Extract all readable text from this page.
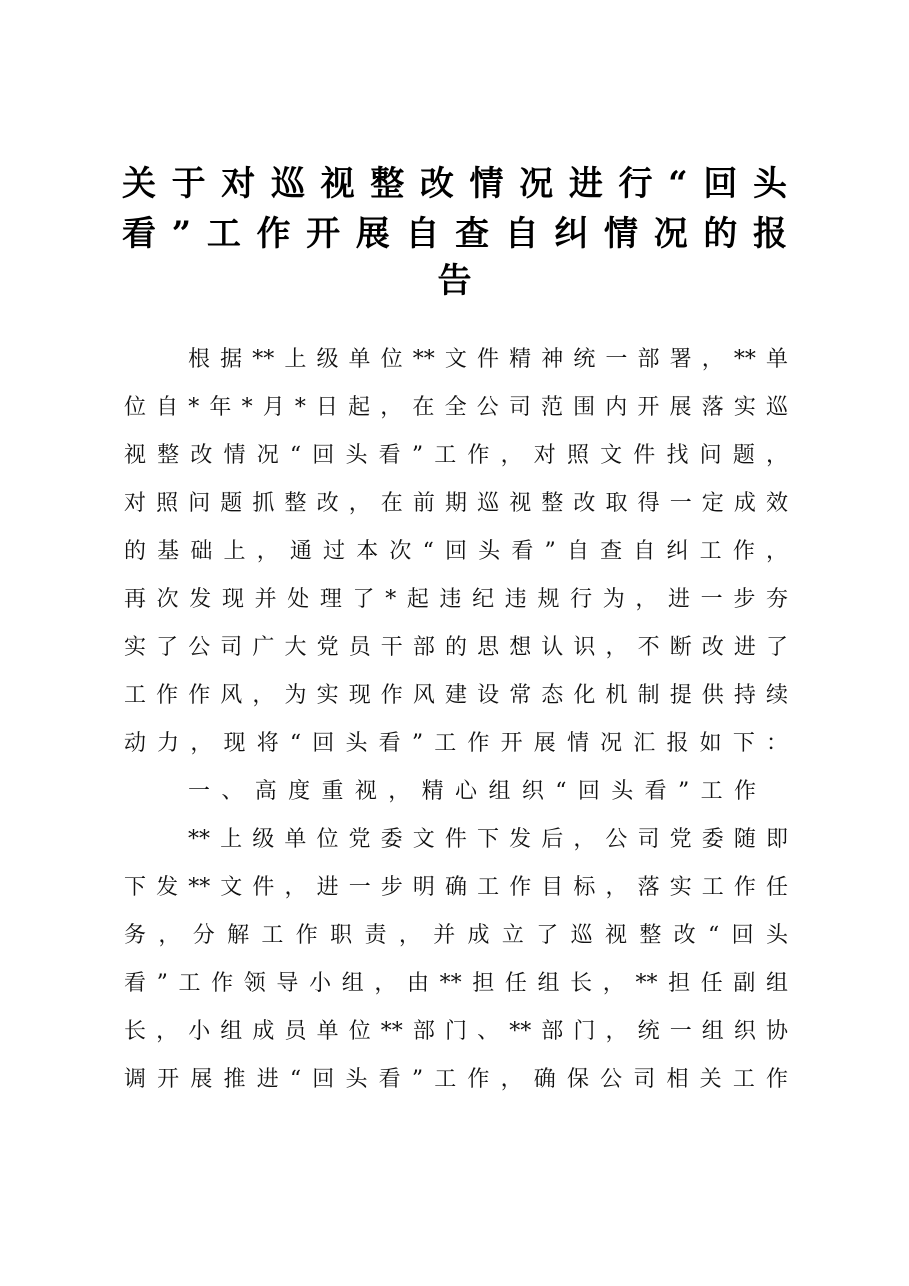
关于对巡视整改情况进行“回头
看”工作开展自查自纠情况的报
告
根据**上级单位**文件精神统一部署，**单
位自*年*月*日起，在全公司范围内开展落实巡
视整改情况“回头看”工作，对照文件找问题，
对照问题抓整改，在前期巡视整改取得一定成效
的基础上，通过本次“回头看”自查自纠工作，
再次发现并处理了*起违纪违规行为，进一步夯
实了公司广大党员干部的思想认识，不断改进了
工作作风，为实现作风建设常态化机制提供持续
动力，现将“回头看”工作开展情况汇报如下：
一、高度重视，精心组织“回头看”工作
**上级单位党委文件下发后，公司党委随即
下发**文件，进一步明确工作目标，落实工作任
务，分解工作职责，并成立了巡视整改“回头
看”工作领导小组，由**担任组长，**担任副组
长，小组成员单位**部门、**部门，统一组织协
调开展推进“回头看”工作，确保公司相关工作
